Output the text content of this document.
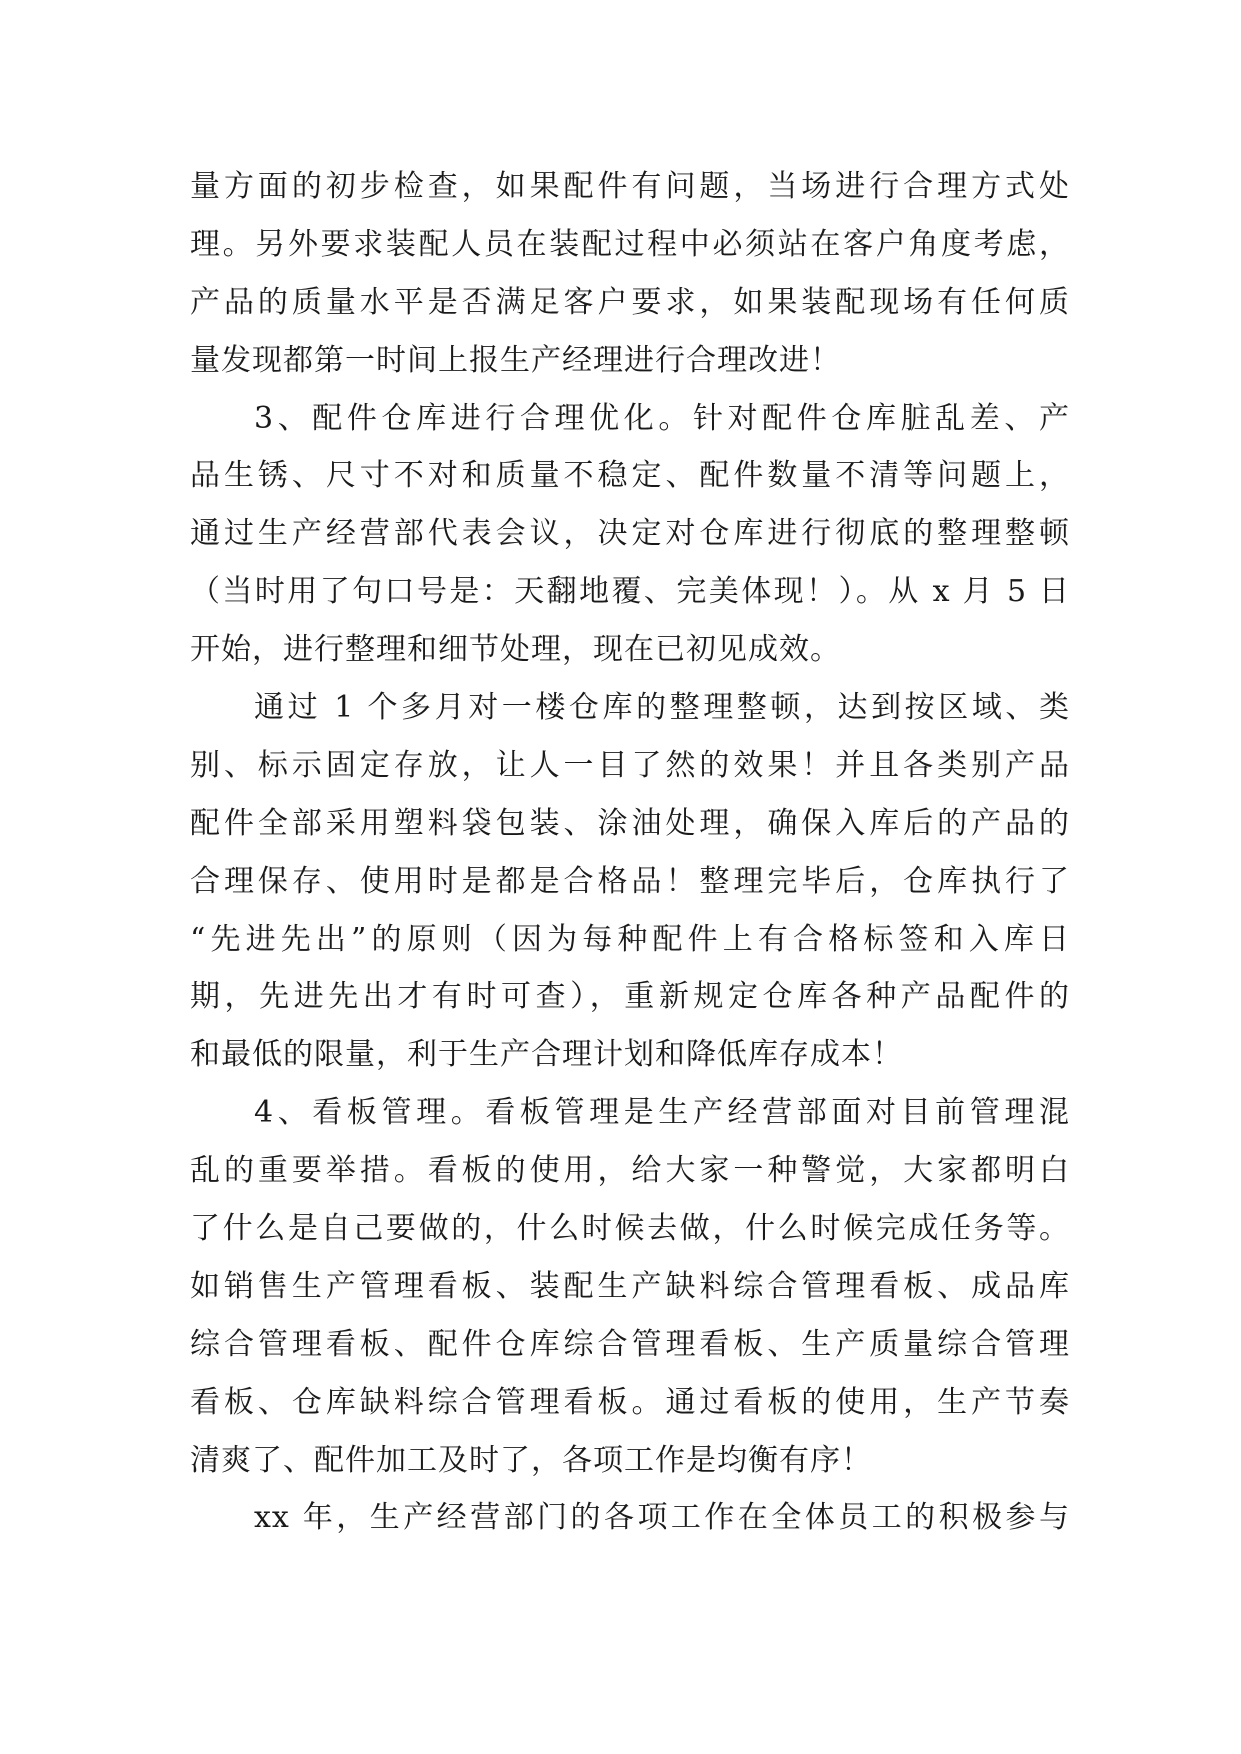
量方面的初步检查，如果配件有问题，当场进行合理方式处
理。另外要求装配人员在装配过程中必须站在客户角度考虑，
产品的质量水平是否满足客户要求，如果装配现场有任何质
量发现都第一时间上报生产经理进行合理改进！
3、配件仓库进行合理优化。针对配件仓库脏乱差、产
品生锈、尺寸不对和质量不稳定、配件数量不清等问题上，
通过生产经营部代表会议，决定对仓库进行彻底的整理整顿
（当时用了句口号是：天翻地覆、完美体现！）。从 x 月 5 日
开始，进行整理和细节处理，现在已初见成效。
通过 1 个多月对一楼仓库的整理整顿，达到按区域、类
别、标示固定存放，让人一目了然的效果！并且各类别产品
配件全部采用塑料袋包装、涂油处理，确保入库后的产品的
合理保存、使用时是都是合格品！整理完毕后，仓库执行了
“先进先出”的原则（因为每种配件上有合格标签和入库日
期，先进先出才有时可查），重新规定仓库各种产品配件的
和最低的限量，利于生产合理计划和降低库存成本！
4、看板管理。看板管理是生产经营部面对目前管理混
乱的重要举措。看板的使用，给大家一种警觉，大家都明白
了什么是自己要做的，什么时候去做，什么时候完成任务等。
如销售生产管理看板、装配生产缺料综合管理看板、成品库
综合管理看板、配件仓库综合管理看板、生产质量综合管理
看板、仓库缺料综合管理看板。通过看板的使用，生产节奏
清爽了、配件加工及时了，各项工作是均衡有序！
xx 年，生产经营部门的各项工作在全体员工的积极参与
